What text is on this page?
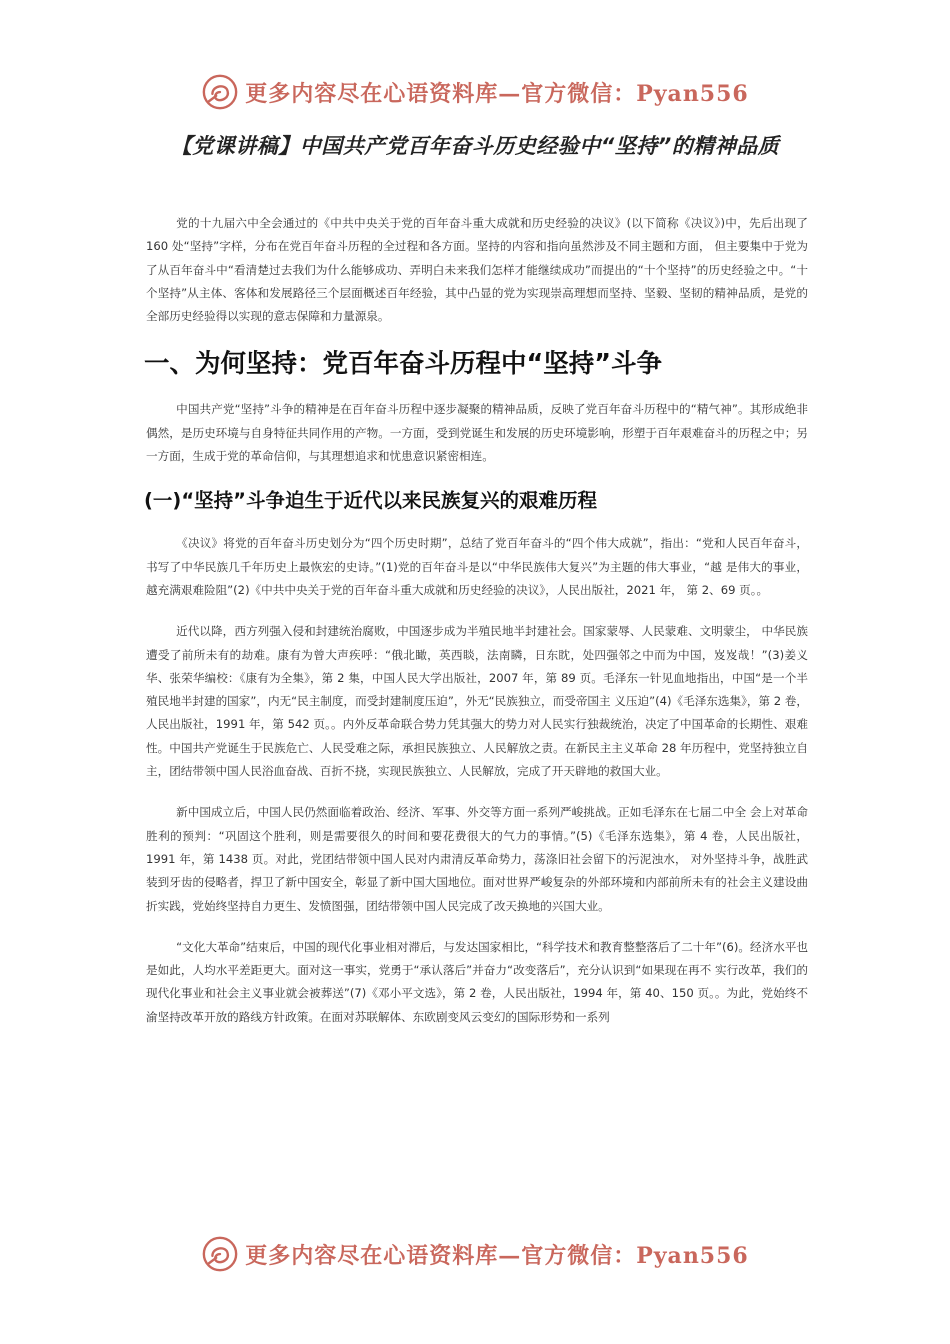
更多内容尽在心语资料库—官方微信：Pyan556
【党课讲稿】中国共产党百年奋斗历史经验中“坚持”的精神品质

党的十九届六中全会通过的《中共中央关于党的百年奋斗重大成就和历史经验的决议》(以下简称《决议》)中，先后出现了 160 处“坚持”字样，分布在党百年奋斗历程的全过程和各方面。坚持的内容和指向虽然涉及不同主题和方面， 但主要集中于党为了从百年奋斗中“看清楚过去我们为什么能够成功、弄明白未来我们怎样才能继续成功”而提出的“十个坚持”的历史经验之中。“十个坚持”从主体、客体和发展路径三个层面概述百年经验，其中凸显的党为实现崇高理想而坚持、坚毅、坚韧的精神品质，是党的全部历史经验得以实现的意志保障和力量源泉。

一、为何坚持：党百年奋斗历程中“坚持”斗争

中国共产党“坚持”斗争的精神是在百年奋斗历程中逐步凝聚的精神品质，反映了党百年奋斗历程中的“精气神”。其形成绝非偶然，是历史环境与自身特征共同作用的产物。一方面，受到党诞生和发展的历史环境影响，形塑于百年艰难奋斗的历程之中；另一方面，生成于党的革命信仰，与其理想追求和忧患意识紧密相连。

(一)“坚持”斗争迫生于近代以来民族复兴的艰难历程

《决议》将党的百年奋斗历史划分为“四个历史时期”，总结了党百年奋斗的“四个伟大成就”，指出：“党和人民百年奋斗，书写了中华民族几千年历史上最恢宏的史诗。”(1)党的百年奋斗是以“中华民族伟大复兴”为主题的伟大事业，“越 是伟大的事业，越充满艰难险阻”(2)《中共中央关于党的百年奋斗重大成就和历史经验的决议》，人民出版社，2021 年， 第 2、69 页。。

近代以降，西方列强入侵和封建统治腐败，中国逐步成为半殖民地半封建社会。国家蒙辱、人民蒙难、文明蒙尘， 中华民族遭受了前所未有的劫难。康有为曾大声疾呼：“俄北瞰，英西睒，法南瞵，日东眈，处四强邻之中而为中国，岌岌哉！”(3)姜义华、张荣华编校：《康有为全集》，第 2 集，中国人民大学出版社，2007 年，第 89 页。毛泽东一针见血地指出，中国“是一个半殖民地半封建的国家”，内无“民主制度，而受封建制度压迫”，外无“民族独立，而受帝国主 义压迫”(4)《毛泽东选集》，第 2 卷，人民出版社，1991 年，第 542 页。。内外反革命联合势力凭其强大的势力对人民实行独裁统治，决定了中国革命的长期性、艰难性。中国共产党诞生于民族危亡、人民受难之际，承担民族独立、人民解放之责。在新民主主义革命 28 年历程中，党坚持独立自主，团结带领中国人民浴血奋战、百折不挠，实现民族独立、人民解放，完成了开天辟地的救国大业。

新中国成立后，中国人民仍然面临着政治、经济、军事、外交等方面一系列严峻挑战。正如毛泽东在七届二中全 会上对革命胜利的预判：“巩固这个胜利，则是需要很久的时间和要花费很大的气力的事情。”(5)《毛泽东选集》，第 4 卷，人民出版社，1991 年，第 1438 页。对此，党团结带领中国人民对内肃清反革命势力，荡涤旧社会留下的污泥浊水， 对外坚持斗争，战胜武装到牙齿的侵略者，捍卫了新中国安全，彰显了新中国大国地位。面对世界严峻复杂的外部环境和内部前所未有的社会主义建设曲折实践，党始终坚持自力更生、发愤图强，团结带领中国人民完成了改天换地的兴国大业。

“文化大革命”结束后，中国的现代化事业相对滞后，与发达国家相比，“科学技术和教育整整落后了二十年”(6)。经济水平也是如此，人均水平差距更大。面对这一事实，党勇于“承认落后”并奋力“改变落后”，充分认识到“如果现在再不 实行改革，我们的现代化事业和社会主义事业就会被葬送”(7)《邓小平文选》，第 2 卷，人民出版社，1994 年，第 40、150 页。。为此，党始终不渝坚持改革开放的路线方针政策。在面对苏联解体、东欧剧变风云变幻的国际形势和一系列

更多内容尽在心语资料库—官方微信：Pyan556
